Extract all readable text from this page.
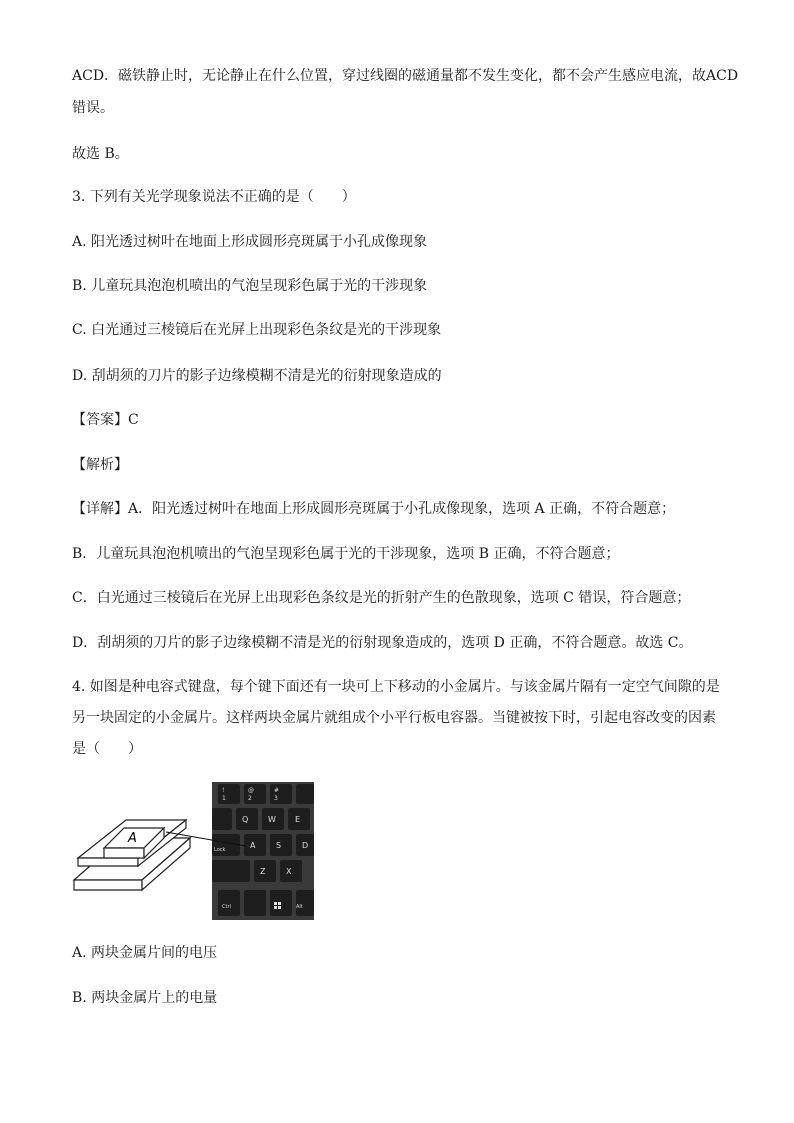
ACD．磁铁静止时，无论静止在什么位置，穿过线圈的磁通量都不发生变化，都不会产生感应电流，故ACD
错误。
故选 B。
3. 下列有关光学现象说法不正确的是（　　）
A. 阳光透过树叶在地面上形成圆形亮斑属于小孔成像现象
B. 儿童玩具泡泡机喷出的气泡呈现彩色属于光的干涉现象
C. 白光通过三棱镜后在光屏上出现彩色条纹是光的干涉现象
D. 刮胡须的刀片的影子边缘模糊不清是光的衍射现象造成的
【答案】C
【解析】
【详解】A．阳光透过树叶在地面上形成圆形亮斑属于小孔成像现象，选项 A 正确，不符合题意；
B．儿童玩具泡泡机喷出的气泡呈现彩色属于光的干涉现象，选项 B 正确，不符合题意；
C．白光通过三棱镜后在光屏上出现彩色条纹是光的折射产生的色散现象，选项 C 错误，符合题意；
D．刮胡须的刀片的影子边缘模糊不清是光的衍射现象造成的，选项 D 正确，不符合题意。故选 C。
4. 如图是种电容式键盘，每个键下面还有一块可上下移动的小金属片。与该金属片隔有一定空气间隙的是另一块固定的小金属片。这样两块金属片就组成个小平行板电容器。当键被按下时，引起电容改变的因素是（　　）
A
!
1
@
2
#
3
Q W E
Lock	A	S	D
Z	X
Ctrl	Alt
A. 两块金属片间的电压
B. 两块金属片上的电量
